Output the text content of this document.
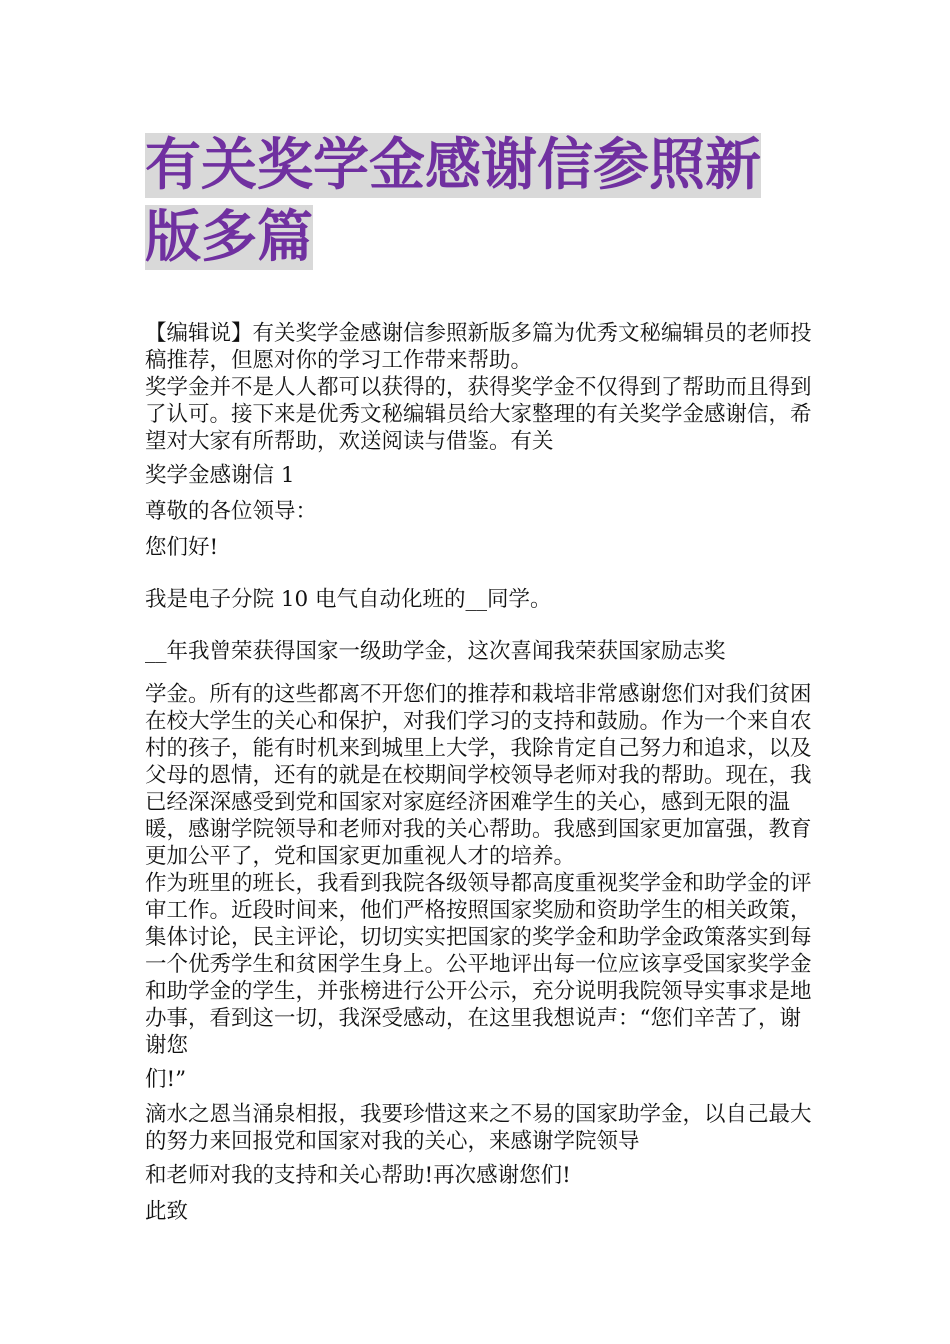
有关奖学金感谢信参照新版多篇

【编辑说】有关奖学金感谢信参照新版多篇为优秀文秘编辑员的老师投稿推荐，但愿对你的学习工作带来帮助。

奖学金并不是人人都可以获得的，获得奖学金不仅得到了帮助而且得到了认可。接下来是优秀文秘编辑员给大家整理的有关奖学金感谢信，希望对大家有所帮助，欢送阅读与借鉴。有关

奖学金感谢信 1

尊敬的各位领导：

您们好!

我是电子分院 10 电气自动化班的__同学。

__年我曾荣获得国家一级助学金，这次喜闻我荣获国家励志奖

学金。所有的这些都离不开您们的推荐和栽培非常感谢您们对我们贫困在校大学生的关心和保护，对我们学习的支持和鼓励。作为一个来自农村的孩子，能有时机来到城里上大学，我除肯定自己努力和追求，以及父母的恩情，还有的就是在校期间学校领导老师对我的帮助。现在，我已经深深感受到党和国家对家庭经济困难学生的关心，感到无限的温暖，感谢学院领导和老师对我的关心帮助。我感到国家更加富强，教育更加公平了，党和国家更加重视人才的培养。

作为班里的班长，我看到我院各级领导都高度重视奖学金和助学金的评审工作。近段时间来，他们严格按照国家奖励和资助学生的相关政策，集体讨论，民主评论，切切实实把国家的奖学金和助学金政策落实到每一个优秀学生和贫困学生身上。公平地评出每一位应该享受国家奖学金和助学金的学生，并张榜进行公开公示，充分说明我院领导实事求是地办事，看到这一切，我深受感动，在这里我想说声：“您们辛苦了，谢谢您

们!”

滴水之恩当涌泉相报，我要珍惜这来之不易的国家助学金，以自己最大的努力来回报党和国家对我的关心，来感谢学院领导

和老师对我的支持和关心帮助!再次感谢您们!

此致
